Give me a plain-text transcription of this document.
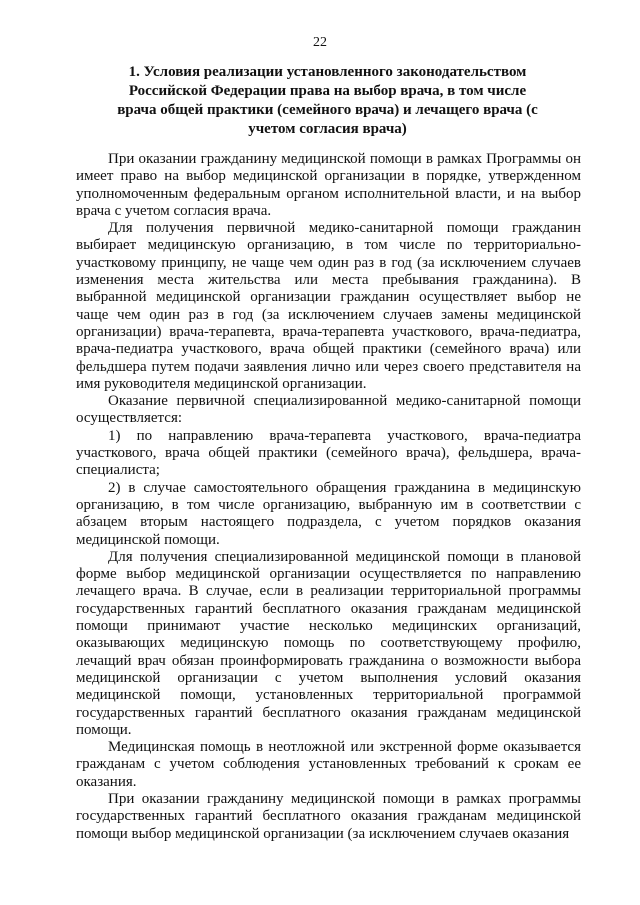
22
1. Условия реализации установленного законодательством Российской Федерации права на выбор врача, в том числе врача общей практики (семейного врача) и лечащего врача (с учетом согласия врача)

При оказании гражданину медицинской помощи в рамках Программы он имеет право на выбор медицинской организации в порядке, утвержденном уполномоченным федеральным органом исполнительной власти, и на выбор врача с учетом согласия врача.

Для получения первичной медико-санитарной помощи гражданин выбирает медицинскую организацию, в том числе по территориально-участковому принципу, не чаще чем один раз в год (за исключением случаев изменения места жительства или места пребывания гражданина). В выбранной медицинской организации гражданин осуществляет выбор не чаще чем один раз в год (за исключением случаев замены медицинской организации) врача-терапевта, врача-терапевта участкового, врача-педиатра, врача-педиатра участкового, врача общей практики (семейного врача) или фельдшера путем подачи заявления лично или через своего представителя на имя руководителя медицинской организации.

Оказание первичной специализированной медико-санитарной помощи осуществляется:

1) по направлению врача-терапевта участкового, врача-педиатра участкового, врача общей практики (семейного врача), фельдшера, врача-специалиста;

2) в случае самостоятельного обращения гражданина в медицинскую организацию, в том числе организацию, выбранную им в соответствии с абзацем вторым настоящего подраздела, с учетом порядков оказания медицинской помощи.

Для получения специализированной медицинской помощи в плановой форме выбор медицинской организации осуществляется по направлению лечащего врача. В случае, если в реализации территориальной программы государственных гарантий бесплатного оказания гражданам медицинской помощи принимают участие несколько медицинских организаций, оказывающих медицинскую помощь по соответствующему профилю, лечащий врач обязан проинформировать гражданина о возможности выбора медицинской организации с учетом выполнения условий оказания медицинской помощи, установленных территориальной программой государственных гарантий бесплатного оказания гражданам медицинской помощи.

Медицинская помощь в неотложной или экстренной форме оказывается гражданам с учетом соблюдения установленных требований к срокам ее оказания.

При оказании гражданину медицинской помощи в рамках программы государственных гарантий бесплатного оказания гражданам медицинской помощи выбор медицинской организации (за исключением случаев оказания
